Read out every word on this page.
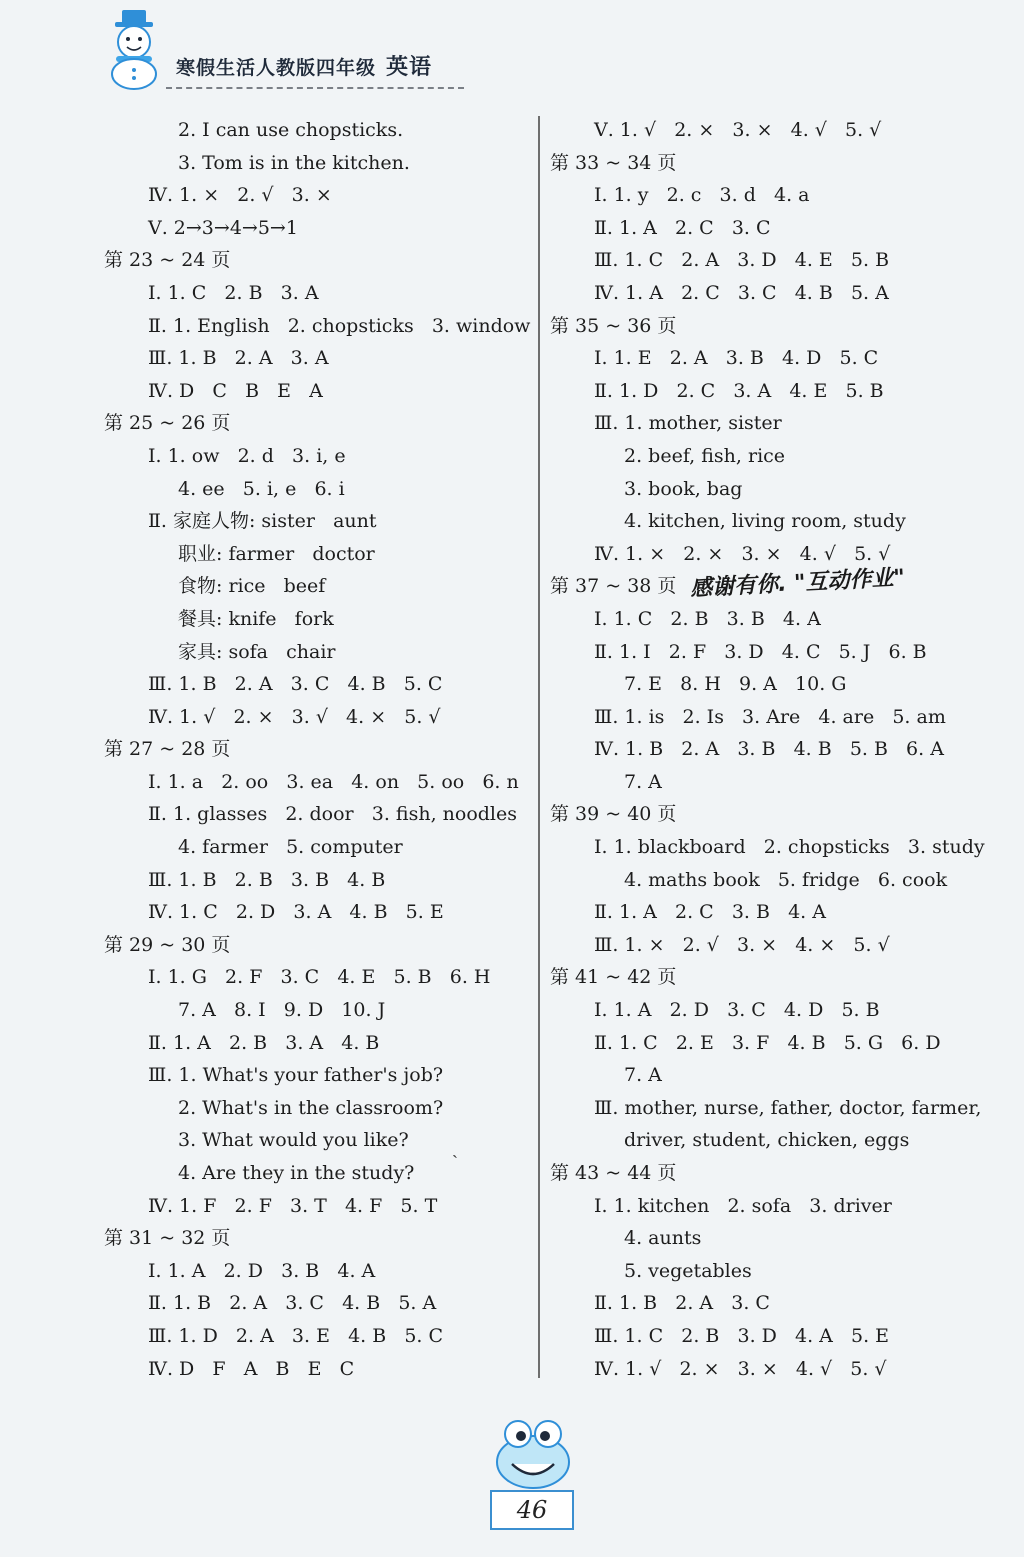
寒假生活人教版四年级 英语
2. I can use chopsticks.
3. Tom is in the kitchen.
Ⅳ. 1. ×   2. √   3. ×
Ⅴ. 2→3→4→5→1
第 23 ~ 24 页
Ⅰ. 1. C   2. B   3. A
Ⅱ. 1. English   2. chopsticks   3. window
Ⅲ. 1. B   2. A   3. A
Ⅳ. D   C   B   E   A
第 25 ~ 26 页
Ⅰ. 1. ow   2. d   3. i, e
4. ee   5. i, e   6. i
Ⅱ. 家庭人物: sister   aunt
职业: farmer   doctor
食物: rice   beef
餐具: knife   fork
家具: sofa   chair
Ⅲ. 1. B   2. A   3. C   4. B   5. C
Ⅳ. 1. √   2. ×   3. √   4. ×   5. √
第 27 ~ 28 页
Ⅰ. 1. a   2. oo   3. ea   4. on   5. oo   6. n
Ⅱ. 1. glasses   2. door   3. fish, noodles
4. farmer   5. computer
Ⅲ. 1. B   2. B   3. B   4. B
Ⅳ. 1. C   2. D   3. A   4. B   5. E
第 29 ~ 30 页
Ⅰ. 1. G   2. F   3. C   4. E   5. B   6. H
7. A   8. I   9. D   10. J
Ⅱ. 1. A   2. B   3. A   4. B
Ⅲ. 1. What's your father's job?
2. What's in the classroom?
3. What would you like?
4. Are they in the study?
Ⅳ. 1. F   2. F   3. T   4. F   5. T
第 31 ~ 32 页
Ⅰ. 1. A   2. D   3. B   4. A
Ⅱ. 1. B   2. A   3. C   4. B   5. A
Ⅲ. 1. D   2. A   3. E   4. B   5. C
Ⅳ. D   F   A   B   E   C
Ⅴ. 1. √   2. ×   3. ×   4. √   5. √
第 33 ~ 34 页
Ⅰ. 1. y   2. c   3. d   4. a
Ⅱ. 1. A   2. C   3. C
Ⅲ. 1. C   2. A   3. D   4. E   5. B
Ⅳ. 1. A   2. C   3. C   4. B   5. A
第 35 ~ 36 页
Ⅰ. 1. E   2. A   3. B   4. D   5. C
Ⅱ. 1. D   2. C   3. A   4. E   5. B
Ⅲ. 1. mother, sister
2. beef, fish, rice
3. book, bag
4. kitchen, living room, study
Ⅳ. 1. ×   2. ×   3. ×   4. √   5. √
第 37 ~ 38 页
Ⅰ. 1. C   2. B   3. B   4. A
Ⅱ. 1. I   2. F   3. D   4. C   5. J   6. B
7. E   8. H   9. A   10. G
Ⅲ. 1. is   2. Is   3. Are   4. are   5. am
Ⅳ. 1. B   2. A   3. B   4. B   5. B   6. A
7. A
第 39 ~ 40 页
Ⅰ. 1. blackboard   2. chopsticks   3. study
4. maths book   5. fridge   6. cook
Ⅱ. 1. A   2. C   3. B   4. A
Ⅲ. 1. ×   2. √   3. ×   4. ×   5. √
第 41 ~ 42 页
Ⅰ. 1. A   2. D   3. C   4. D   5. B
Ⅱ. 1. C   2. E   3. F   4. B   5. G   6. D
7. A
Ⅲ. mother, nurse, father, doctor, farmer,
driver, student, chicken, eggs
第 43 ~ 44 页
Ⅰ. 1. kitchen   2. sofa   3. driver
4. aunts
5. vegetables
Ⅱ. 1. B   2. A   3. C
Ⅲ. 1. C   2. B   3. D   4. A   5. E
Ⅳ. 1. √   2. ×   3. ×   4. √   5. √
感谢有你. "互动作业"
ˏ
46
